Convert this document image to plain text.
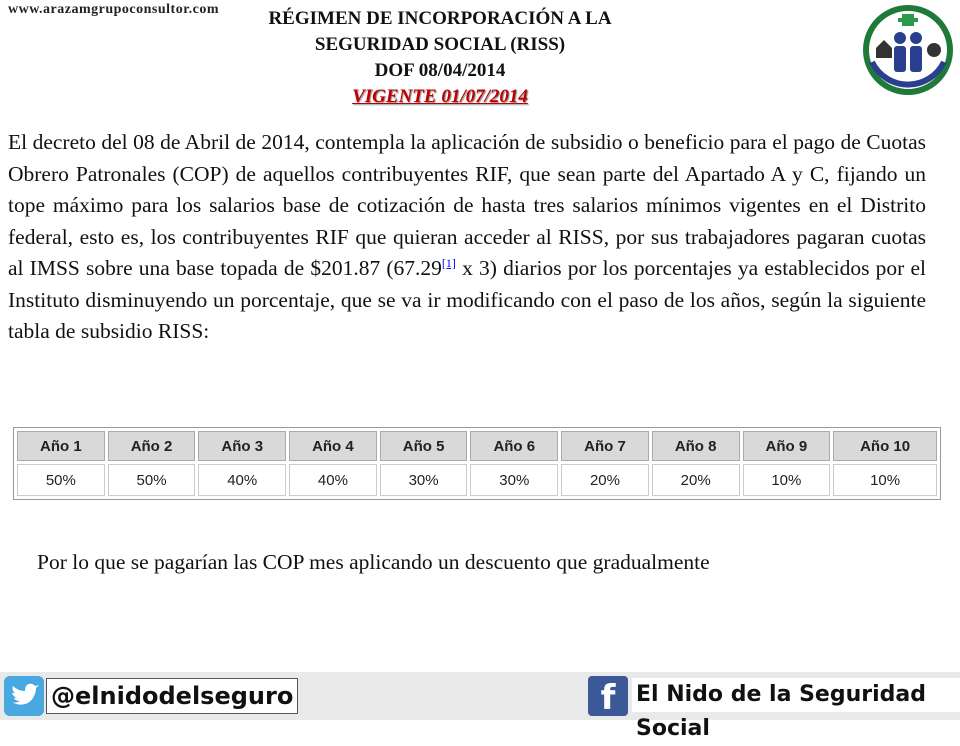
www.arazamgrupoconsultor.com	RÉGIMEN DE INCORPORACIÓN A LA
SEGURIDAD SOCIAL (RISS)
DOF 08/04/2014
VIGENTE 01/07/2014
El decreto del 08 de Abril de 2014, contempla la aplicación de subsidio o beneficio para el pago de Cuotas Obrero Patronales (COP) de aquellos contribuyentes RIF, que sean parte del Apartado A y C, fijando un tope máximo para los salarios base de cotización de hasta tres salarios mínimos vigentes en el Distrito federal, esto es, los contribuyentes RIF que quieran acceder al RISS, por sus trabajadores pagaran cuotas al IMSS sobre una base topada de $201.87 (67.29[1] x 3) diarios por los porcentajes ya establecidos por el Instituto disminuyendo un porcentaje, que se va ir modificando con el paso de los años, según la siguiente tabla de subsidio RISS:
Año 1	Año 2	Año 3	Año 4	Año 5	Año 6	Año 7	Año 8	Año 9	Año 10
50%	50%	40%	40%	30%	30%	20%	20%	10%	10%
Por lo que se pagarían las COP mes aplicando un descuento que gradualmente
@elnidodelseguro	f El Nido de la Seguridad Social
